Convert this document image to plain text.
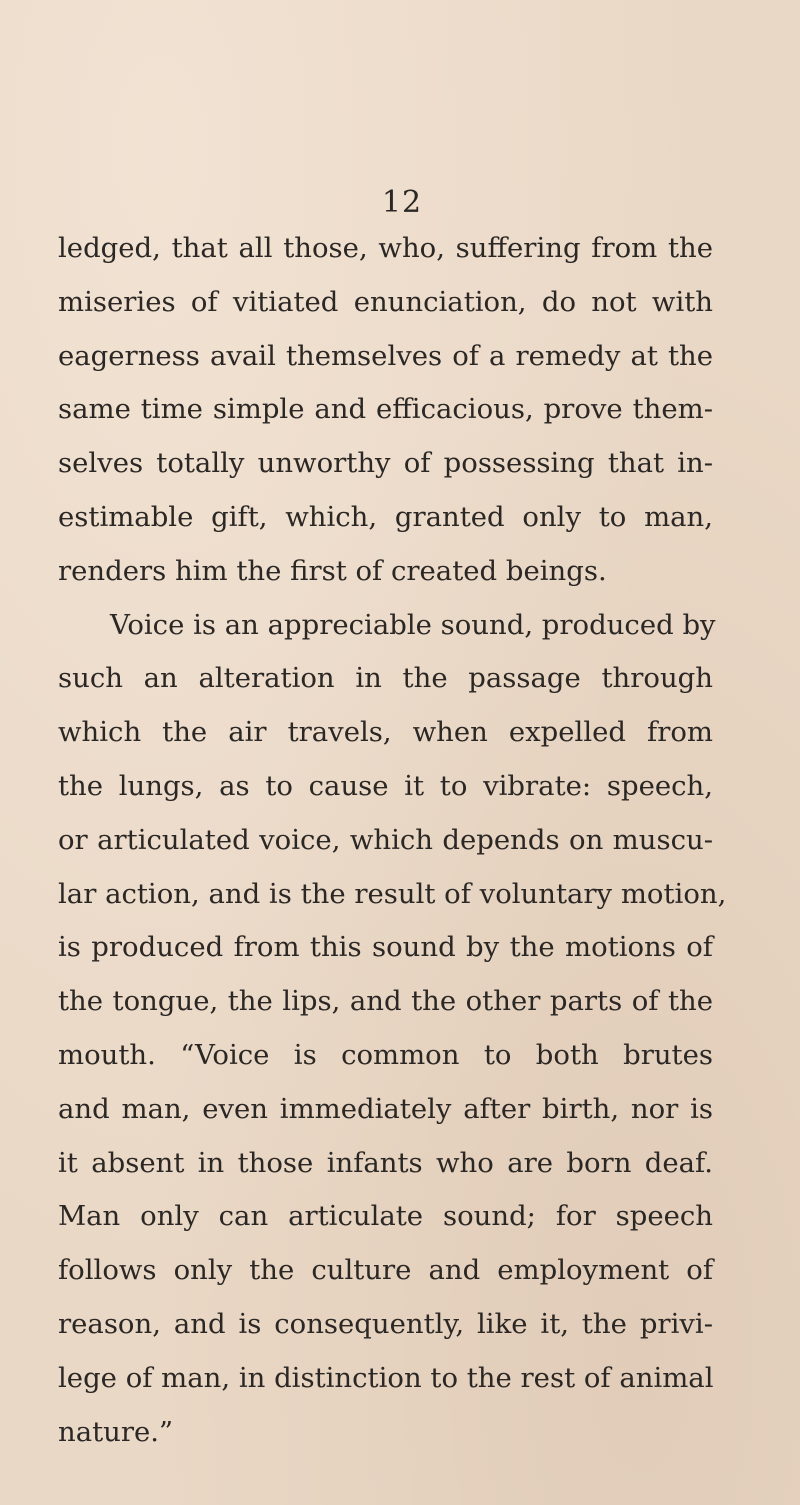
12
ledged, that all those, who, suffering from the
miseries of vitiated enunciation, do not with
eagerness avail themselves of a remedy at the
same time simple and efficacious, prove them-
selves totally unworthy of possessing that in-
estimable gift, which, granted only to man,
renders him the first of created beings.
Voice is an appreciable sound, produced by
such an alteration in the passage through
which the air travels, when expelled from
the lungs, as to cause it to vibrate: speech,
or articulated voice, which depends on muscu-
lar action, and is the result of voluntary motion,
is produced from this sound by the motions of
the tongue, the lips, and the other parts of the
mouth. “Voice is common to both brutes
and man, even immediately after birth, nor is
it absent in those infants who are born deaf.
Man only can articulate sound; for speech
follows only the culture and employment of
reason, and is consequently, like it, the privi-
lege of man, in distinction to the rest of animal
nature.”
